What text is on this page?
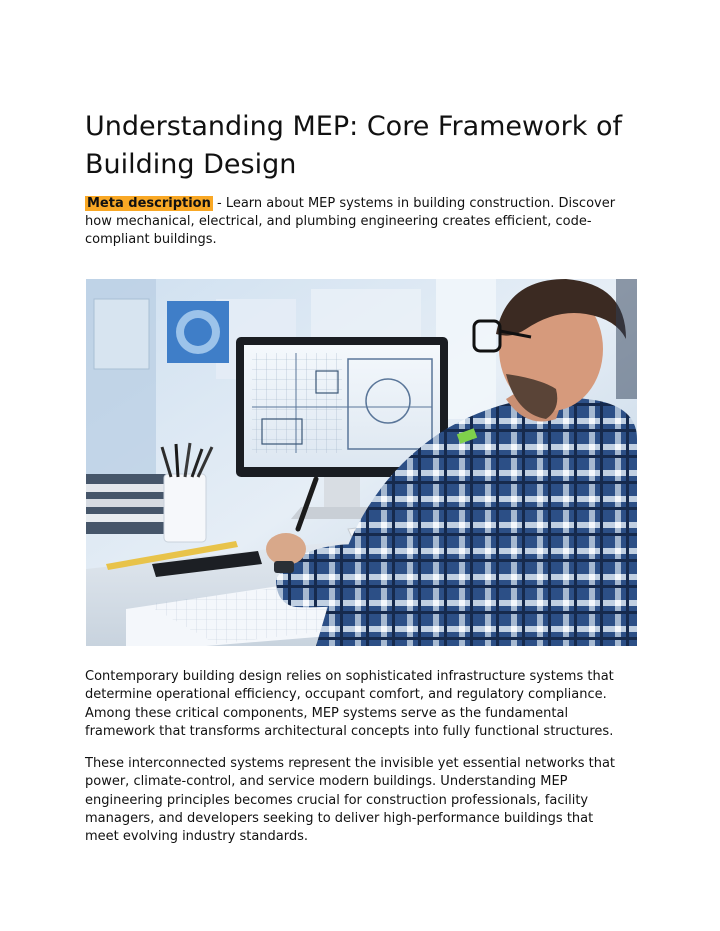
Understanding MEP: Core Framework of Building Design

Meta description - Learn about MEP systems in building construction. Discover how mechanical, electrical, and plumbing engineering creates efficient, code-compliant buildings.

Contemporary building design relies on sophisticated infrastructure systems that determine operational efficiency, occupant comfort, and regulatory compliance. Among these critical components, MEP systems serve as the fundamental framework that transforms architectural concepts into fully functional structures.

These interconnected systems represent the invisible yet essential networks that power, climate-control, and service modern buildings. Understanding MEP engineering principles becomes crucial for construction professionals, facility managers, and developers seeking to deliver high-performance buildings that meet evolving industry standards.
